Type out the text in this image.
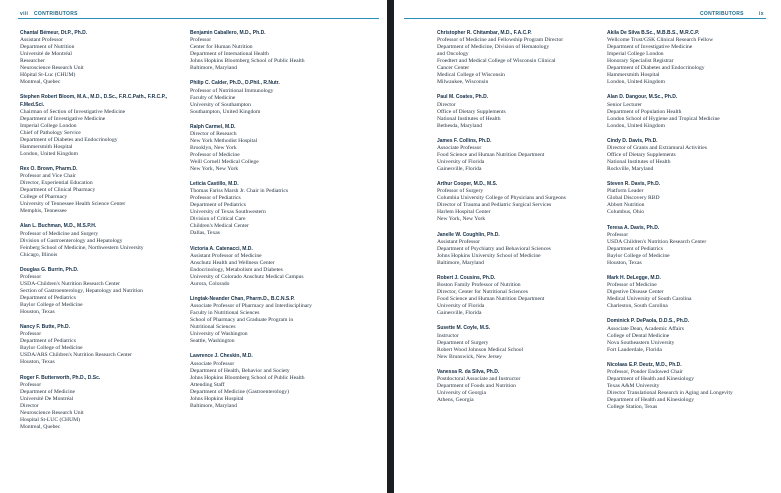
viii CONTRIBUTORS
Chantal Bémeur, Dt.P., Ph.D.
Assistant Professor
Department of Nutrition
Université de Montréal
Researcher
Neuroscience Research Unit
Hôpital St-Luc (CHUM)
Montreal, Quebec
Stephen Robert Bloom, M.A., M.D., D.Sc., F.R.C.Path., F.R.C.P., F.Med.Sci.
Chairman of Section of Investigative Medicine
Department of Investigative Medicine
Imperial College London
Chief of Pathology Service
Department of Diabetes and Endocrinology
Hammersmith Hospital
London, United Kingdom
Rex O. Brown, Pharm.D.
Professor and Vice Chair
Director, Experiential Education
Department of Clinical Pharmacy
College of Pharmacy
University of Tennessee Health Science Center
Memphis, Tennessee
Alan L. Buchman, M.D., M.S.P.H.
Professor of Medicine and Surgery
Division of Gastroenterology and Hepatology
Feinberg School of Medicine, Northwestern University
Chicago, Illinois
Douglas G. Burrin, Ph.D.
Professor
USDA-Children's Nutrition Research Center
Section of Gastroenterology, Hepatology and Nutrition
Department of Pediatrics
Baylor College of Medicine
Houston, Texas
Nancy F. Butte, Ph.D.
Professor
Department of Pediatrics
Baylor College of Medicine
USDA/ARS Children's Nutrition Research Center
Houston, Texas
Roger F. Butterworth, Ph.D., D.Sc.
Professor
Department of Medicine
Université De Montréal
Director
Neuroscience Research Unit
Hospital St-LUC (CHUM)
Montreal, Quebec
Benjamin Caballero, M.D., Ph.D.
Professor
Center for Human Nutrition
Department of International Health
Johns Hopkins Bloomberg School of Public Health
Baltimore, Maryland
Philip C. Calder, Ph.D., D.Phil., R.Nutr.
Professor of Nutritional Immunology
Faculty of Medicine
University of Southampton
Southampton, United Kingdom
Ralph Carmel, M.D.
Director of Research
New York Methodist Hospital
Brooklyn, New York
Professor of Medicine
Weill Cornell Medical College
New York, New York
Leticia Castillo, M.D.
Thomas Fariss Marsh Jr. Chair in Pediatrics
Professor of Pediatrics
Department of Pediatrics
University of Texas Southwestern
Division of Critical Care
Children's Medical Center
Dallas, Texas
Victoria A. Catenacci, M.D.
Assistant Professor of Medicine
Anschutz Health and Wellness Center
Endocrinology, Metabolism and Diabetes
University of Colorado Anschutz Medical Campus
Aurora, Colorado
Lingtak-Neander Chan, Pharm.D., B.C.N.S.P.
Associate Professor of Pharmacy and Interdisciplinary
Faculty in Nutritional Sciences
School of Pharmacy and Graduate Program in
Nutritional Sciences
University of Washington
Seattle, Washington
Lawrence J. Cheskin, M.D.
Associate Professor
Department of Health, Behavior and Society
Johns Hopkins Bloomberg School of Public Health
Attending Staff
Department of Medicine (Gastroenterology)
Johns Hopkins Hospital
Baltimore, Maryland
CONTRIBUTORS	ix
Christopher R. Chitambar, M.D., F.A.C.P.
Professor of Medicine and Fellowship Program Director
Department of Medicine, Division of Hematology
and Oncology
Froedtert and Medical College of Wisconsin Clinical
Cancer Center
Medical College of Wisconsin
Milwaukee, Wisconsin
Paul M. Coates, Ph.D.
Director
Office of Dietary Supplements
National Institutes of Health
Bethesda, Maryland
James F. Collins, Ph.D.
Associate Professor
Food Science and Human Nutrition Department
University of Florida
Gainesville, Florida
Arthur Cooper, M.D., M.S.
Professor of Surgery
Columbia University College of Physicians and Surgeons
Director of Trauma and Pediatric Surgical Services
Harlem Hospital Center
New York, New York
Janelle W. Coughlin, Ph.D.
Assistant Professor
Department of Psychiatry and Behavioral Sciences
Johns Hopkins University School of Medicine
Baltimore, Maryland
Robert J. Cousins, Ph.D.
Boston Family Professor of Nutrition
Director, Center for Nutritional Sciences
Food Science and Human Nutrition Department
University of Florida
Gainesville, Florida
Susette M. Coyle, M.S.
Instructor
Department of Surgery
Robert Wood Johnson Medical School
New Brunswick, New Jersey
Vanessa R. da Silva, Ph.D.
Postdoctoral Associate and Instructor
Department of Foods and Nutrition
University of Georgia
Athens, Georgia
Akila De Silva B.Sc., M.B.B.S., M.R.C.P.
Wellcome Trust/GSK Clinical Research Fellow
Department of Investigative Medicine
Imperial College London
Honorary Specialist Registrar
Department of Diabetes and Endocrinology
Hammersmith Hospital
London, United Kingdom
Alan D. Dangour, M.Sc., Ph.D.
Senior Lecturer
Department of Population Health
London School of Hygiene and Tropical Medicine
London, United Kingdom
Cindy D. Davis, Ph.D.
Director of Grants and Extramural Activities
Office of Dietary Supplements
National Institutes of Health
Rockville, Maryland
Steven R. Davis, Ph.D.
Platform Leader
Global Discovery RBD
Abbott Nutrition
Columbus, Ohio
Teresa A. Davis, Ph.D.
Professor
USDA Children's Nutrition Research Center
Department of Pediatrics
Baylor College of Medicine
Houston, Texas
Mark H. DeLegge, M.D.
Professor of Medicine
Digestive Disease Center
Medical University of South Carolina
Charleston, South Carolina
Dominick P. DePaola, D.D.S., Ph.D.
Associate Dean, Academic Affairs
College of Dental Medicine
Nova Southeastern University
Fort Lauderdale, Florida
Nicolaas E.P. Deutz, M.D., Ph.D.
Professor, Ponder Endowed Chair
Department of Health and Kinesiology
Texas A&M University
Director Translational Research in Aging and Longevity
Department of Health and Kinesiology
College Station, Texas
